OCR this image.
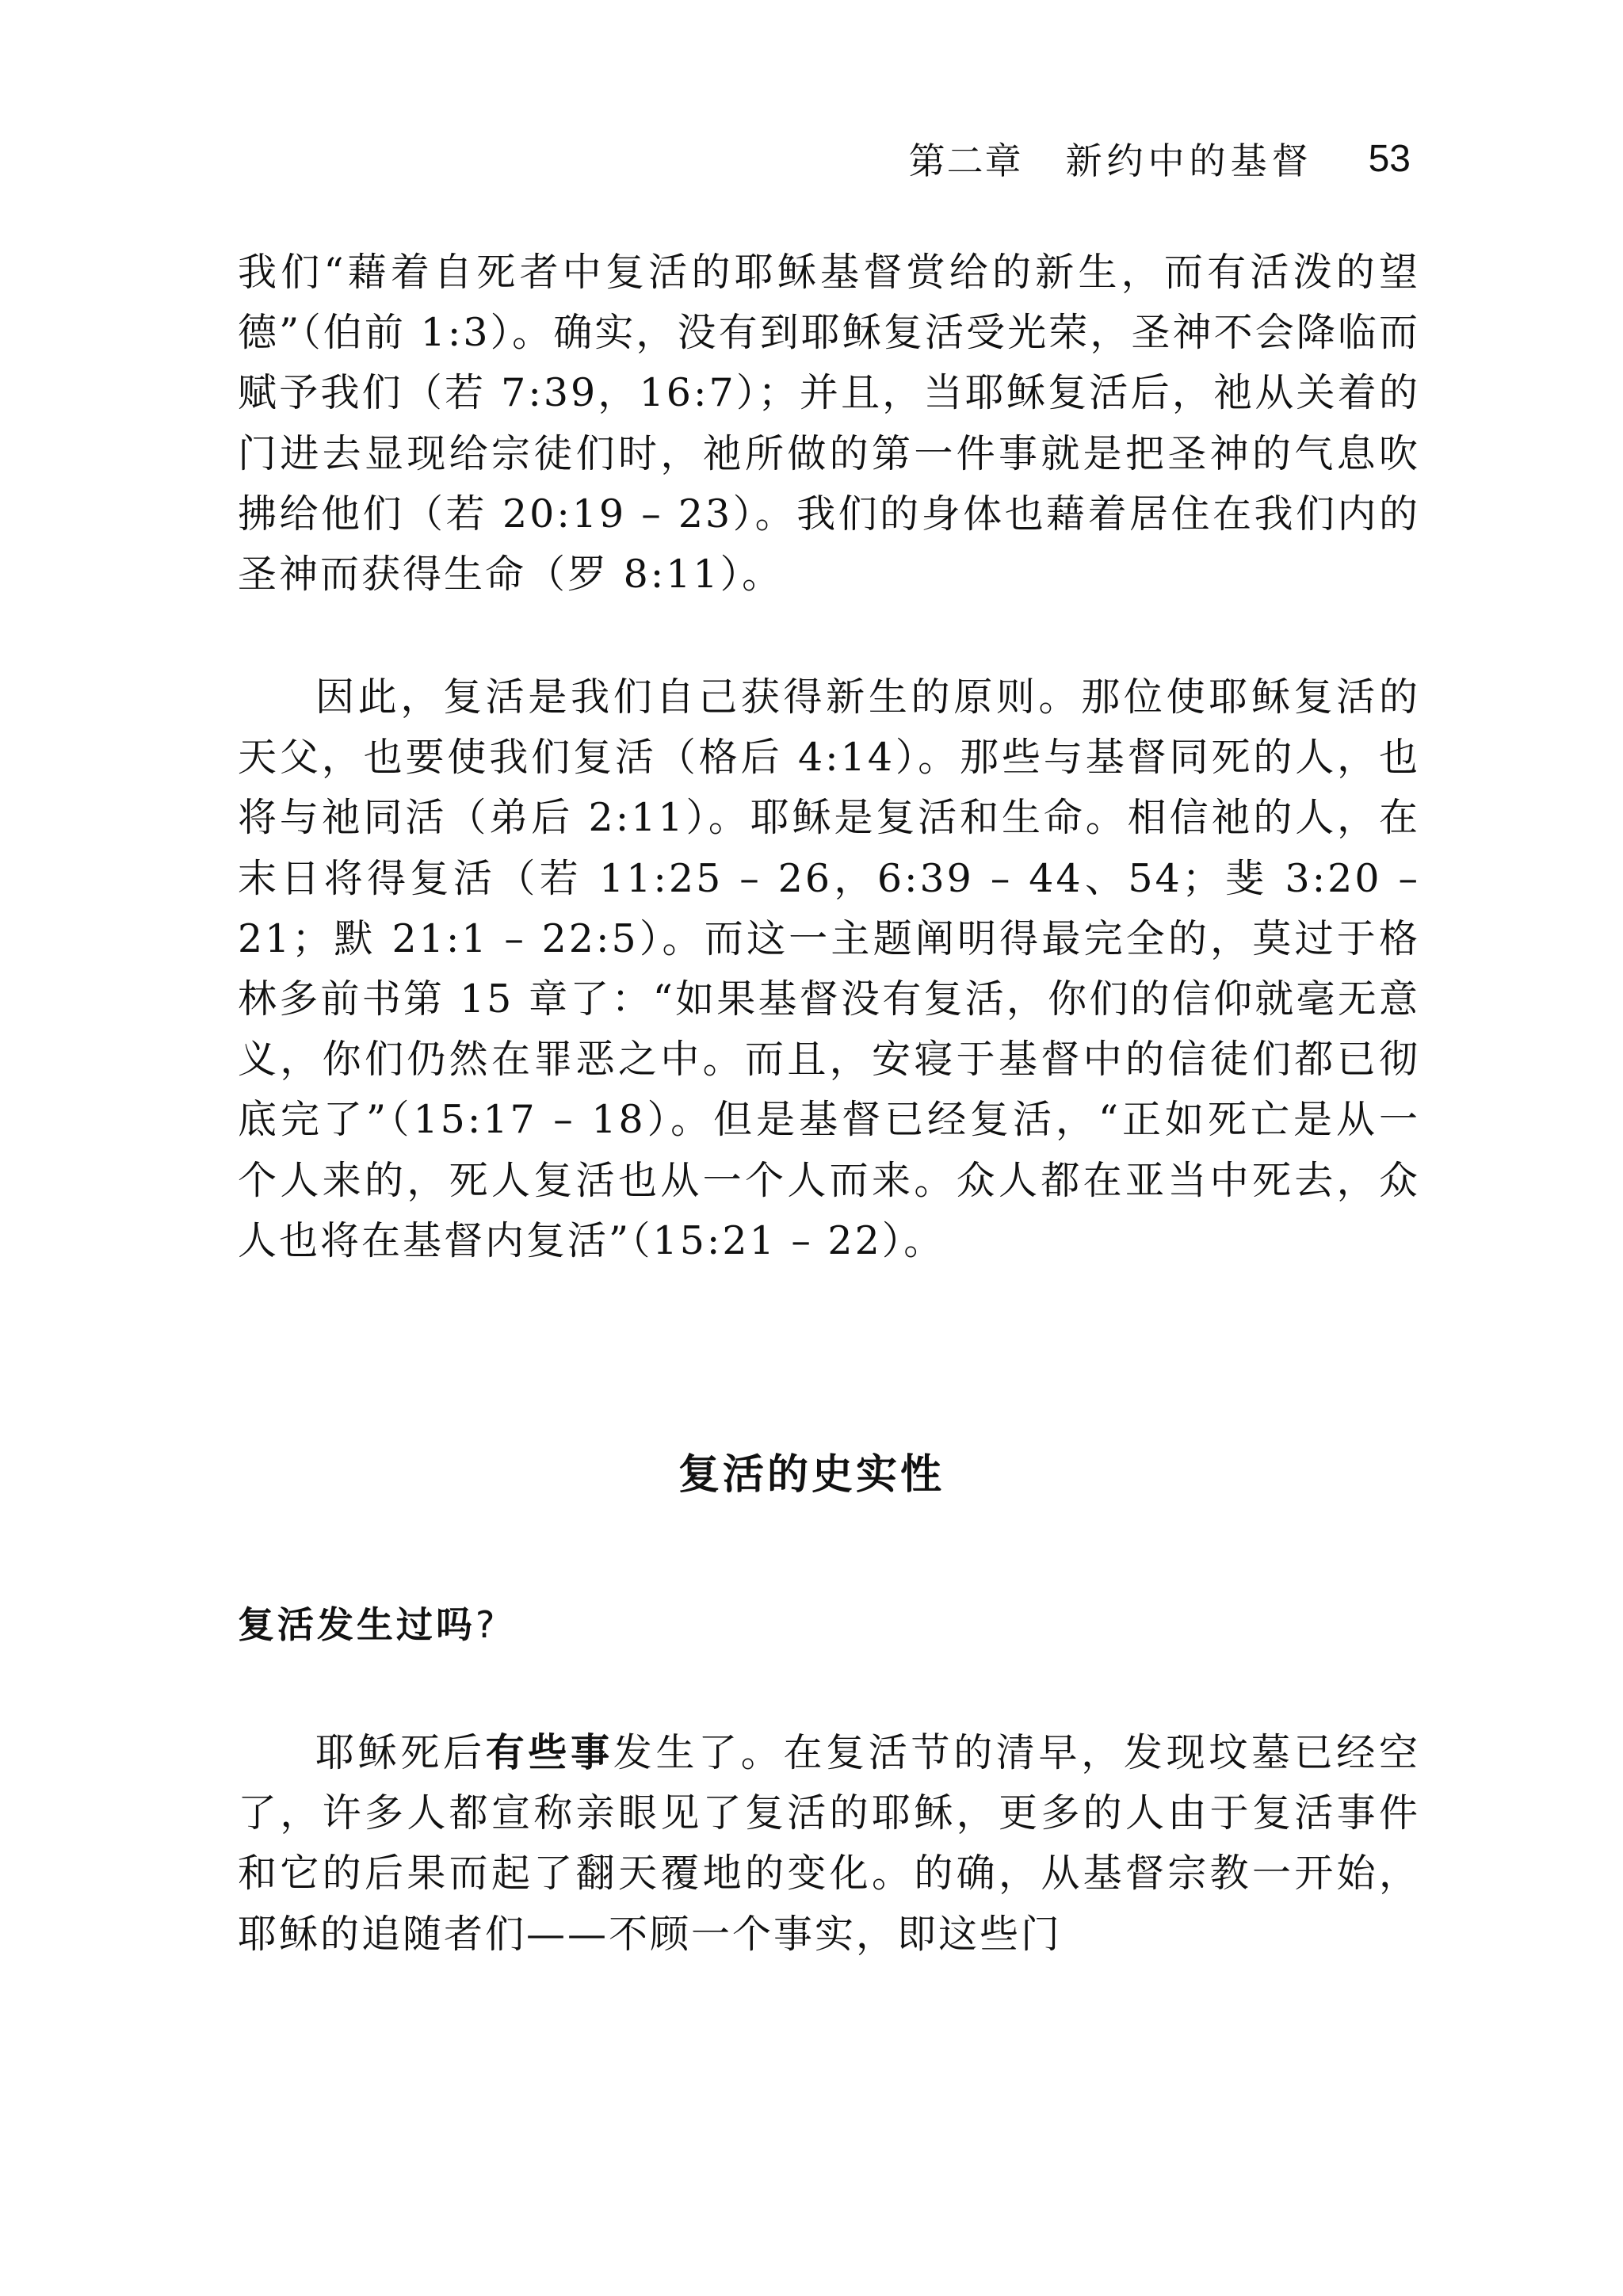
第二章 新约中的基督 53

我们“藉着自死者中复活的耶稣基督赏给的新生，而有活泼的望德”（伯前 1:3）。确实，没有到耶稣复活受光荣，圣神不会降临而赋予我们（若 7:39，16:7）；并且，当耶稣复活后，祂从关着的门进去显现给宗徒们时，祂所做的第一件事就是把圣神的气息吹拂给他们（若 20:19 – 23）。我们的身体也藉着居住在我们内的圣神而获得生命（罗 8:11）。

因此，复活是我们自己获得新生的原则。那位使耶稣复活的天父，也要使我们复活（格后 4:14）。那些与基督同死的人，也将与祂同活（弟后 2:11）。耶稣是复活和生命。相信祂的人，在末日将得复活（若 11:25 – 26，6:39 – 44、54；斐 3:20 – 21；默 21:1 – 22:5）。而这一主题阐明得最完全的，莫过于格林多前书第 15 章了：“如果基督没有复活，你们的信仰就毫无意义，你们仍然在罪恶之中。而且，安寝于基督中的信徒们都已彻底完了”（15:17 – 18）。但是基督已经复活，“正如死亡是从一个人来的，死人复活也从一个人而来。众人都在亚当中死去，众人也将在基督内复活”（15:21 – 22）。

复活的史实性
复活发生过吗?

耶稣死后有些事发生了。在复活节的清早，发现坟墓已经空了，许多人都宣称亲眼见了复活的耶稣，更多的人由于复活事件和它的后果而起了翻天覆地的变化。的确，从基督宗教一开始，耶稣的追随者们——不顾一个事实，即这些门
